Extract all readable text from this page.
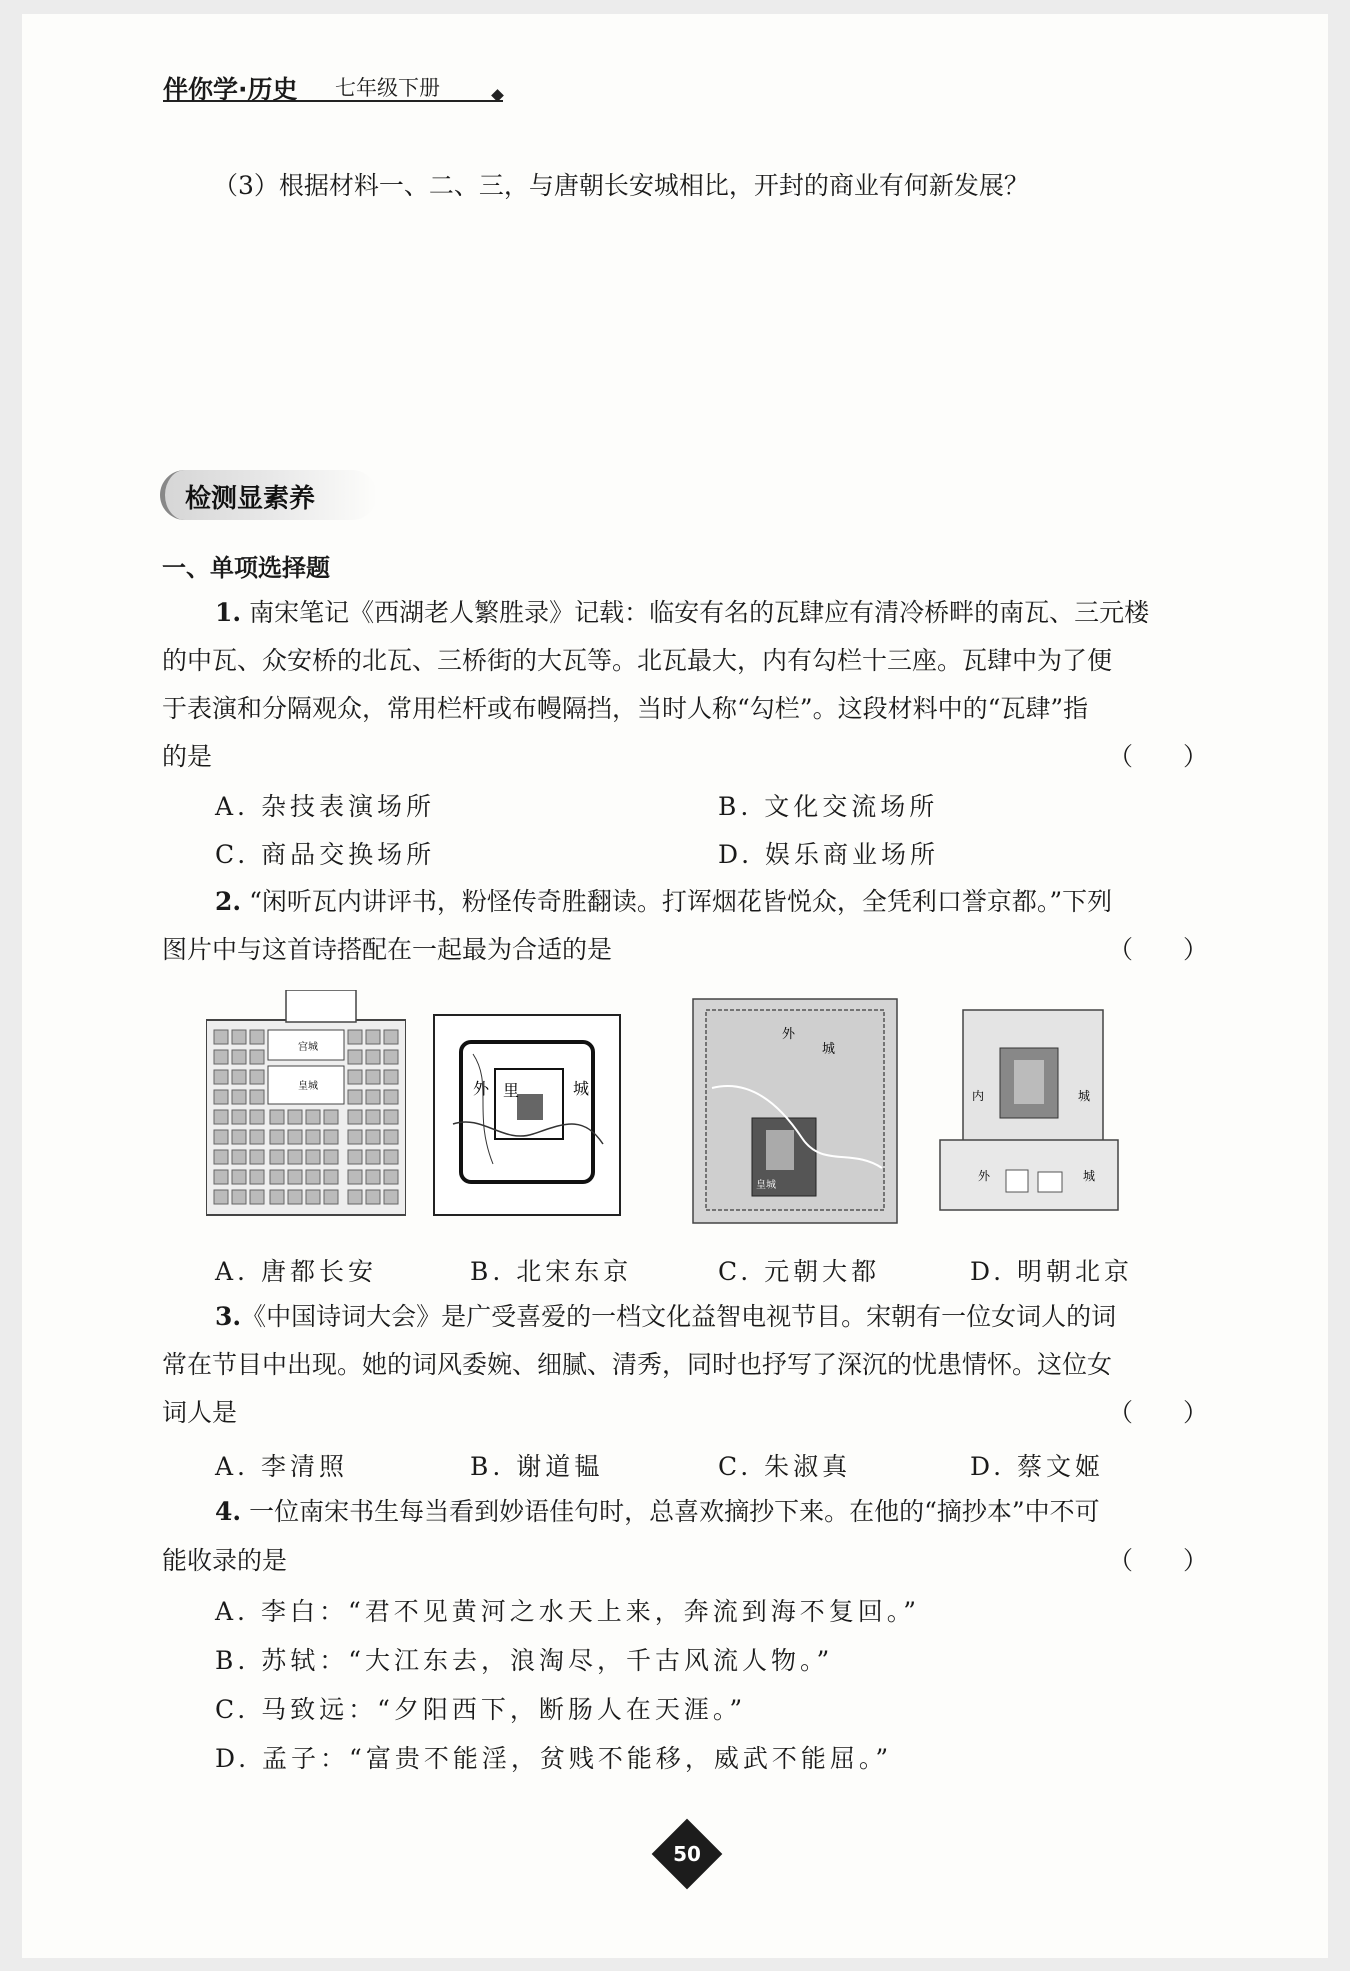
伴你学·历史 七年级下册
（3）根据材料一、二、三，与唐朝长安城相比，开封的商业有何新发展？
检测显素养
一、单项选择题
1. 南宋笔记《西湖老人繁胜录》记载：临安有名的瓦肆应有清冷桥畔的南瓦、三元楼
的中瓦、众安桥的北瓦、三桥街的大瓦等。北瓦最大，内有勾栏十三座。瓦肆中为了便
于表演和分隔观众，常用栏杆或布幔隔挡，当时人称“勾栏”。这段材料中的“瓦肆”指
的是	（　　）
A. 杂技表演场所	B. 文化交流场所
C. 商品交换场所	D. 娱乐商业场所
2. “闲听瓦内讲评书，粉怪传奇胜翻读。打诨烟花皆悦众，全凭利口誉京都。”下列
图片中与这首诗搭配在一起最为合适的是	（　　）
宫城
皇城	外 里 城 城
外
城
皇城
内	城
外	城
A. 唐都长安	B. 北宋东京	C. 元朝大都	D. 明朝北京
3.《中国诗词大会》是广受喜爱的一档文化益智电视节目。宋朝有一位女词人的词
常在节目中出现。她的词风委婉、细腻、清秀，同时也抒写了深沉的忧患情怀。这位女
词人是	（　　）
A. 李清照	B. 谢道韫	C. 朱淑真	D. 蔡文姬
4. 一位南宋书生每当看到妙语佳句时，总喜欢摘抄下来。在他的“摘抄本”中不可
能收录的是	（　　）
A. 李白：“君不见黄河之水天上来，奔流到海不复回。”
B. 苏轼：“大江东去，浪淘尽，千古风流人物。”
C. 马致远：“夕阳西下，断肠人在天涯。”
D. 孟子：“富贵不能淫，贫贱不能移，威武不能屈。”
50
